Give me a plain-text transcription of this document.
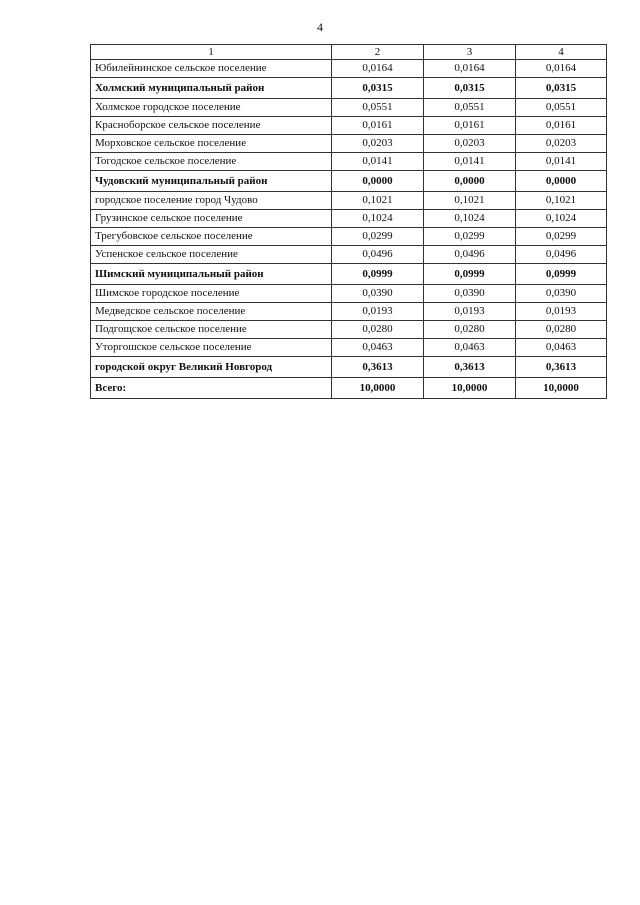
4
1	2	3	4
Юбилейнинское сельское поселение	0,0164	0,0164	0,0164
Холмский муниципальный район	0,0315	0,0315	0,0315
Холмское городское поселение	0,0551	0,0551	0,0551
Красноборское сельское поселение	0,0161	0,0161	0,0161
Морховское сельское поселение	0,0203	0,0203	0,0203
Тогодское сельское поселение	0,0141	0,0141	0,0141
Чудовский муниципальный район	0,0000	0,0000	0,0000
городское поселение город Чудово	0,1021	0,1021	0,1021
Грузинское сельское поселение	0,1024	0,1024	0,1024
Трегубовское сельское поселение	0,0299	0,0299	0,0299
Успенское сельское поселение	0,0496	0,0496	0,0496
Шимский муниципальный район	0,0999	0,0999	0,0999
Шимское городское поселение	0,0390	0,0390	0,0390
Медведское сельское поселение	0,0193	0,0193	0,0193
Подгощское сельское поселение	0,0280	0,0280	0,0280
Уторгошское сельское поселение	0,0463	0,0463	0,0463
городской округ Великий Новгород	0,3613	0,3613	0,3613
Всего:	10,0000	10,0000	10,0000
